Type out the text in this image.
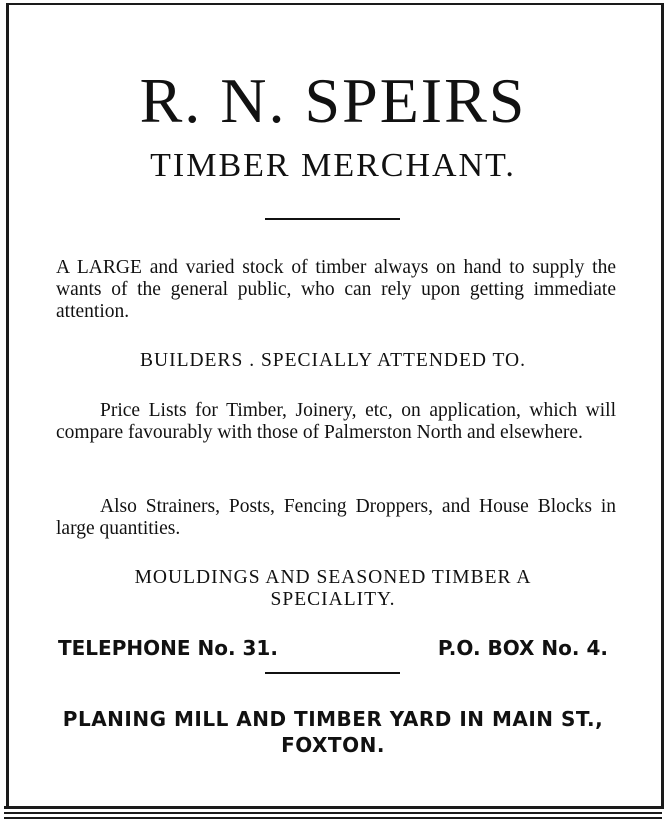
R. N. SPEIRS
TIMBER MERCHANT.
A LARGE and varied stock of timber always on hand to supply the wants of the general public, who can rely upon getting immediate attention.
BUILDERS . SPECIALLY ATTENDED TO.
Price Lists for Timber, Joinery, etc, on application, which will compare favourably with those of Palmerston North and elsewhere.
Also Strainers, Posts, Fencing Droppers, and House Blocks in large quantities.
MOULDINGS AND SEASONED TIMBER A
SPECIALITY.
TELEPHONE No. 31.	P.O. BOX No. 4.
PLANING MILL AND TIMBER YARD IN MAIN ST.,
FOXTON.
